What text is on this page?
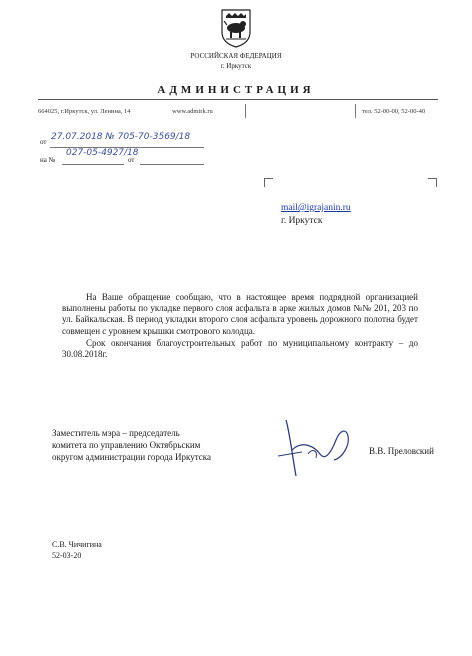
РОССИЙСКАЯ ФЕДЕРАЦИЯ
г. Иркутск
АДМИНИСТРАЦИЯ
664025, г.Иркутск, ул. Ленина, 14	www.admirk.ru	тел. 52-00-00, 52-00-40
от 27.07.2018 № 705-70-3569/18
на №	от
027-05-4927/18
mail@igrajanin.ru
г. Иркутск

На Ваше обращение сообщаю, что в настоящее время подрядной организацией выполнены работы по укладке первого слоя асфальта в арке жилых домов №№ 201, 203 по ул. Байкальская. В период укладки второго слоя асфальта уровень дорожного полотна будет совмещен с уровнем крышки смотрового колодца.

Срок окончания благоустроительных работ по муниципальному контракту – до 30.08.2018г.

Заместитель мэра – председатель
комитета по управлению Октябрьским
округом администрации города Иркутска
В.В. Преловский
С.В. Чичигина
52-03-20
